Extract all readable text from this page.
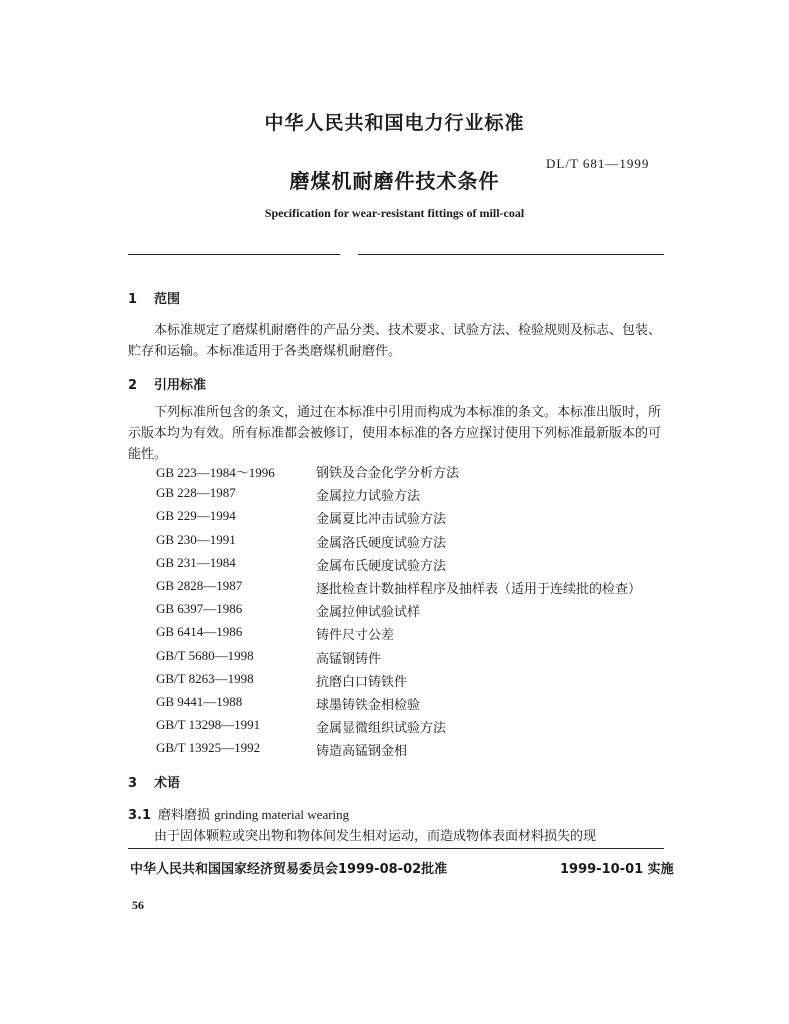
中华人民共和国电力行业标准
DL/T 681—1999
磨煤机耐磨件技术条件
Specification for wear-resistant fittings of mill-coal
1 范围
本标准规定了磨煤机耐磨件的产品分类、技术要求、试验方法、检验规则及标志、包装、贮存和运输。本标准适用于各类磨煤机耐磨件。
2 引用标准
下列标准所包含的条文，通过在本标准中引用而构成为本标准的条文。本标准出版时，所示版本均为有效。所有标准都会被修订，使用本标准的各方应探讨使用下列标准最新版本的可能性。
GB 223—1984～1996	钢铁及合金化学分析方法
GB 228—1987	金属拉力试验方法
GB 229—1994	金属夏比冲击试验方法
GB 230—1991	金属洛氏硬度试验方法
GB 231—1984	金属布氏硬度试验方法
GB 2828—1987	逐批检查计数抽样程序及抽样表（适用于连续批的检查）
GB 6397—1986	金属拉伸试验试样
GB 6414—1986	铸件尺寸公差
GB/T 5680—1998	高锰钢铸件
GB/T 8263—1998	抗磨白口铸铁件
GB 9441—1988	球墨铸铁金相检验
GB/T 13298—1991	金属显微组织试验方法
GB/T 13925—1992	铸造高锰钢金相
3 术语
3.1 磨料磨损 grinding material wearing
由于固体颗粒或突出物和物体间发生相对运动，而造成物体表面材料损失的现
中华人民共和国国家经济贸易委员会1999-08-02批准	1999-10-01 实施
56
